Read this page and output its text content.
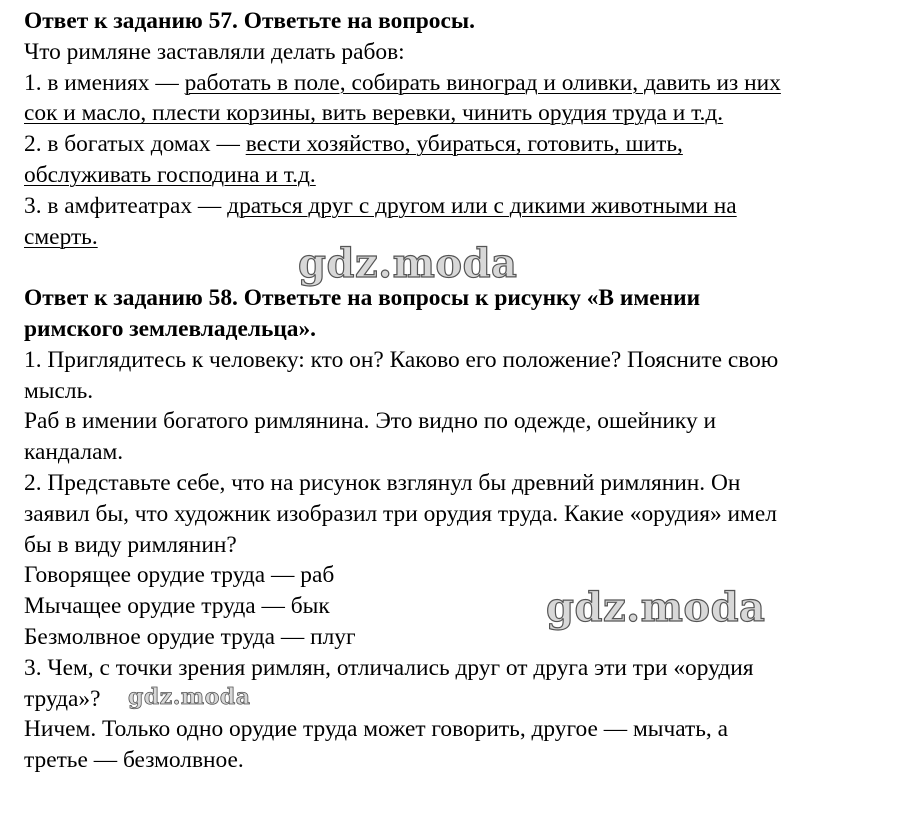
Ответ к заданию 57. Ответьте на вопросы.
Что римляне заставляли делать рабов:
1. в имениях — работать в поле, собирать виноград и оливки, давить из них
сок и масло, плести корзины, вить веревки, чинить орудия труда и т.д.
2. в богатых домах — вести хозяйство, убираться, готовить, шить,
обслуживать господина и т.д.
3. в амфитеатрах — драться друг с другом или с дикими животными на
смерть.

Ответ к заданию 58. Ответьте на вопросы к рисунку «В имении
римского землевладельца».
1. Приглядитесь к человеку: кто он? Каково его положение? Поясните свою
мысль.
Раб в имении богатого римлянина. Это видно по одежде, ошейнику и
кандалам.
2. Представьте себе, что на рисунок взглянул бы древний римлянин. Он
заявил бы, что художник изобразил три орудия труда. Какие «орудия» имел
бы в виду римлянин?
Говорящее орудие труда — раб
Мычащее орудие труда — бык
Безмолвное орудие труда — плуг
3. Чем, с точки зрения римлян, отличались друг от друга эти три «орудия
труда»?
Ничем. Только одно орудие труда может говорить, другое — мычать, а
третье — безмолвное.
gdz.moda
gdz.moda
gdz.moda
